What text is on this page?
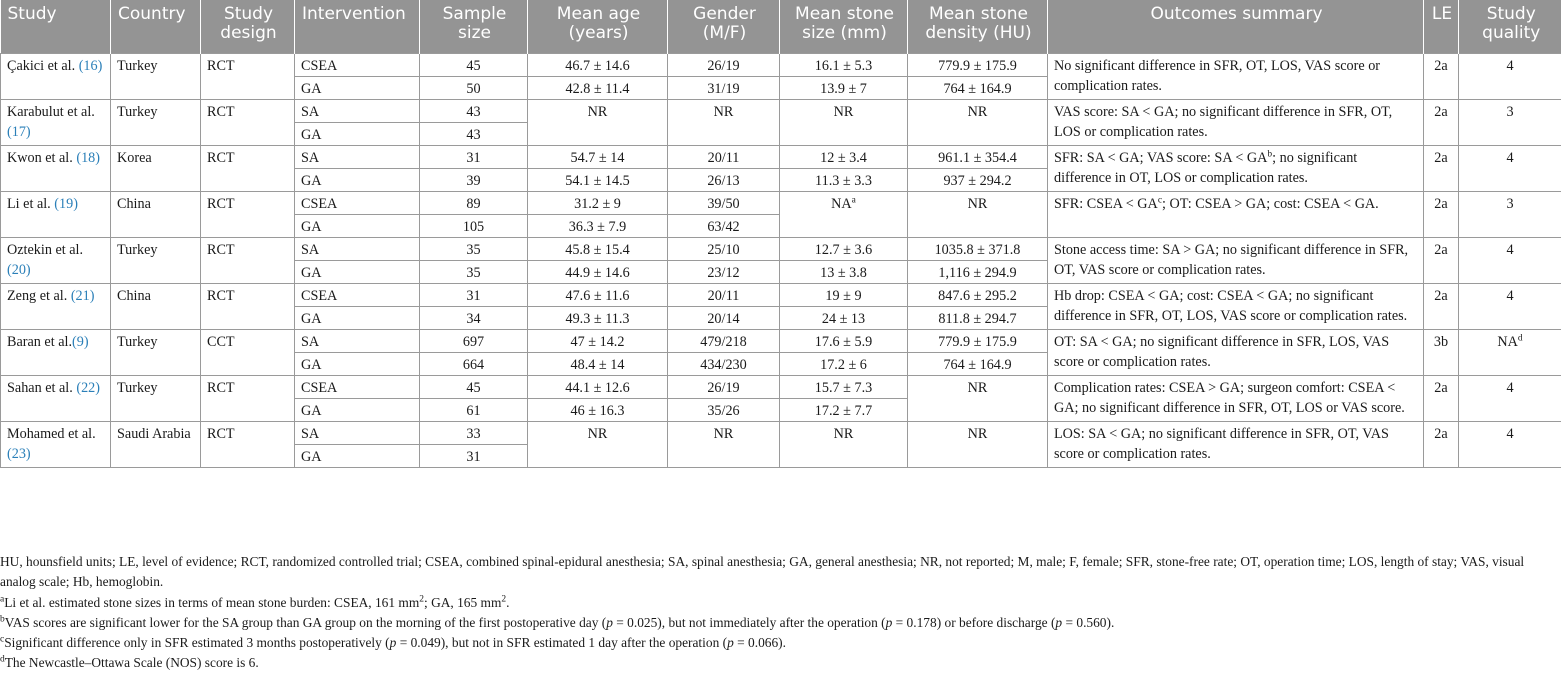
Study	Country	Study design	Intervention	Sample size	Mean age (years)	Gender (M/F)	Mean stone size (mm)	Mean stone density (HU)	Outcomes summary	LE	Study quality
Çakici et al. (16)	Turkey	RCT	CSEA	45	46.7 ± 14.6	26/19	16.1 ± 5.3	779.9 ± 175.9	No significant difference in SFR, OT, LOS, VAS score or complication rates.	2a	4
			GA	50	42.8 ± 11.4	31/19	13.9 ± 7	764 ± 164.9			
Karabulut et al.(17)	Turkey	RCT	SA	43	NR	NR	NR	NR	VAS score: SA < GA; no significant difference in SFR, OT, LOS or complication rates.	2a	3
			GA	43							
Kwon et al. (18)	Korea	RCT	SA	31	54.7 ± 14	20/11	12 ± 3.4	961.1 ± 354.4	SFR: SA < GA; VAS score: SA < $GA^b$; no significant difference in OT, LOS or complication rates.	2a	4
			GA	39	54.1 ± 14.5	26/13	11.3 ± 3.3	937 ± 294.2			
Li et al. (19)	China	RCT	CSEA	89	31.2 ± 9	39/50	$NA^a$	NR	SFR: CSEA < $GA^c$; OT: CSEA > GA; cost: CSEA < GA.	2a	3
			GA	105	36.3 ± 7.9	63/42					
Oztekin et al. (20)	Turkey	RCT	SA	35	45.8 ± 15.4	25/10	12.7 ± 3.6	1035.8 ± 371.8	Stone access time: SA > GA; no significant difference in SFR, OT, VAS score or complication rates.	2a	4
			GA	35	44.9 ± 14.6	23/12	13 ± 3.8	1,116 ± 294.9			
Zeng et al. (21)	China	RCT	CSEA	31	47.6 ± 11.6	20/11	19 ± 9	847.6 ± 295.2	Hb drop: CSEA < GA; cost: CSEA < GA; no significant difference in SFR, OT, LOS, VAS score or complication rates.	2a	4
			GA	34	49.3 ± 11.3	20/14	24 ± 13	811.8 ± 294.7			
Baran et al.(9)	Turkey	CCT	SA	697	47 ± 14.2	479/218	17.6 ± 5.9	779.9 ± 175.9	OT: SA < GA; no significant difference in SFR, LOS, VAS score or complication rates.	3b	$NA^d$
			GA	664	48.4 ± 14	434/230	17.2 ± 6	764 ± 164.9			
Sahan et al. (22)	Turkey	RCT	CSEA	45	44.1 ± 12.6	26/19	15.7 ± 7.3	NR	Complication rates: CSEA > GA; surgeon comfort: CSEA < GA; no significant difference in SFR, OT, LOS or VAS score.	2a	4
			GA	61	46 ± 16.3	35/26	17.2 ± 7.7				
Mohamed et al. (23)	Saudi Arabia	RCT	SA	33	NR	NR	NR	NR	LOS: SA < GA; no significant difference in SFR, OT, VAS score or complication rates.	2a	4
			GA	31							

HU, hounsfield units; LE, level of evidence; RCT, randomized controlled trial; CSEA, combined spinal-epidural anesthesia; SA, spinal anesthesia; GA, general anesthesia; NR, not reported; M, male; F, female; SFR, stone-free rate; OT, operation time; LOS, length of stay; VAS, visual analog scale; Hb, hemoglobin.

$^a$Li et al. estimated stone sizes in terms of mean stone burden: CSEA, 161 $mm^2$; GA, 165 $mm^2$.

$^b$VAS scores are significant lower for the SA group than GA group on the morning of the first postoperative day (p = 0.025), but not immediately after the operation (p = 0.178) or before discharge (p = 0.560).

$^c$Significant difference only in SFR estimated 3 months postoperatively (p = 0.049), but not in SFR estimated 1 day after the operation (p = 0.066).

$^d$The Newcastle–Ottawa Scale (NOS) score is 6.
